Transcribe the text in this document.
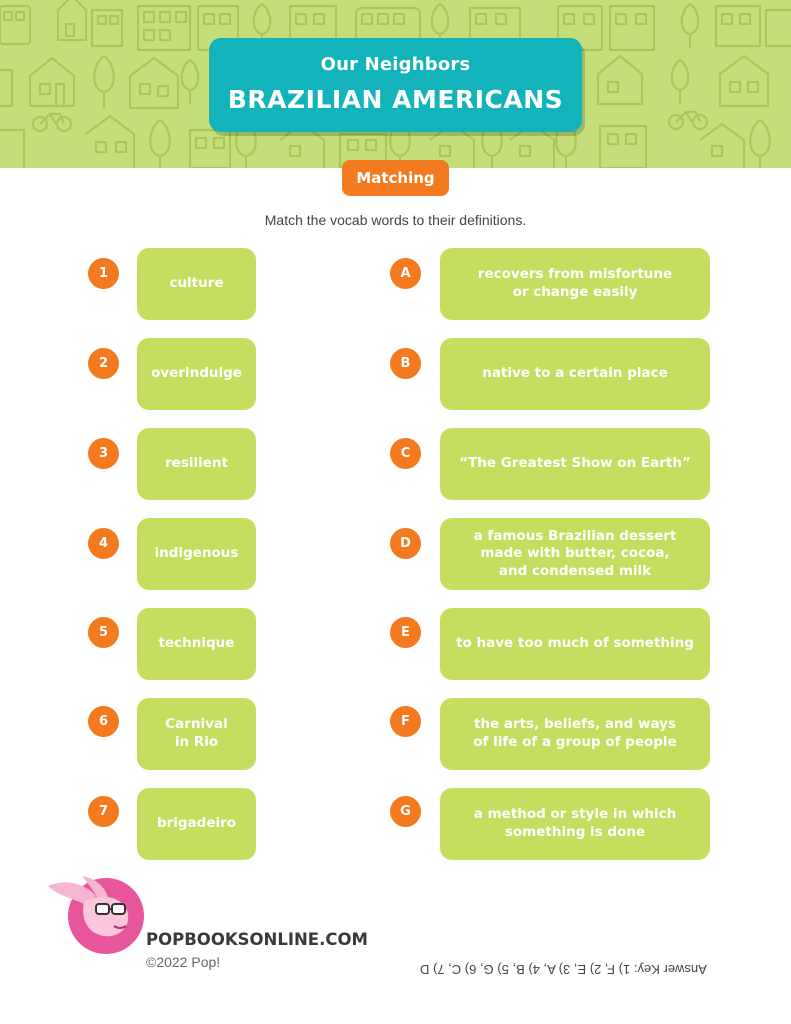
Our Neighbors
BRAZILIAN AMERICANS
Matching
Match the vocab words to their definitions.
1
culture
2
overindulge
3
resilient
4
indigenous
5
technique
6	Carnival
in Rio
7
brigadeiro
A	recovers from misfortune
or change easily
B
native to a certain place
C
“The Greatest Show on Earth”
D	a famous Brazilian dessert
made with butter, cocoa,
and condensed milk
E
to have too much of something
F	the arts, beliefs, and ways
of life of a group of people
G	a method or style in which
something is done
POPBOOKSONLINE.COM
©2022 Pop!	Answer Key: 1) F, 2) E, 3) A, 4) B, 5) G, 6) C, 7) D
